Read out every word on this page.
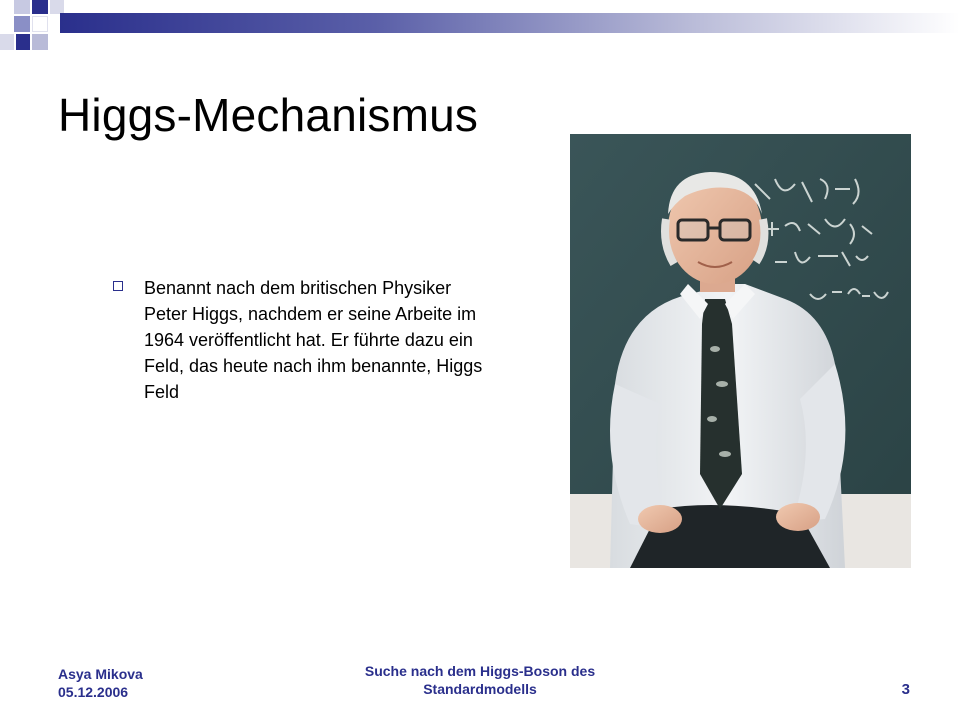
Higgs-Mechanismus
Benannt nach dem britischen Physiker Peter Higgs, nachdem er seine Arbeite im 1964 veröffentlicht hat. Er führte dazu ein Feld, das heute nach ihm benannte, Higgs Feld
Asya Mikova
05.12.2006
Suche nach dem Higgs-Boson des
Standardmodells	3
